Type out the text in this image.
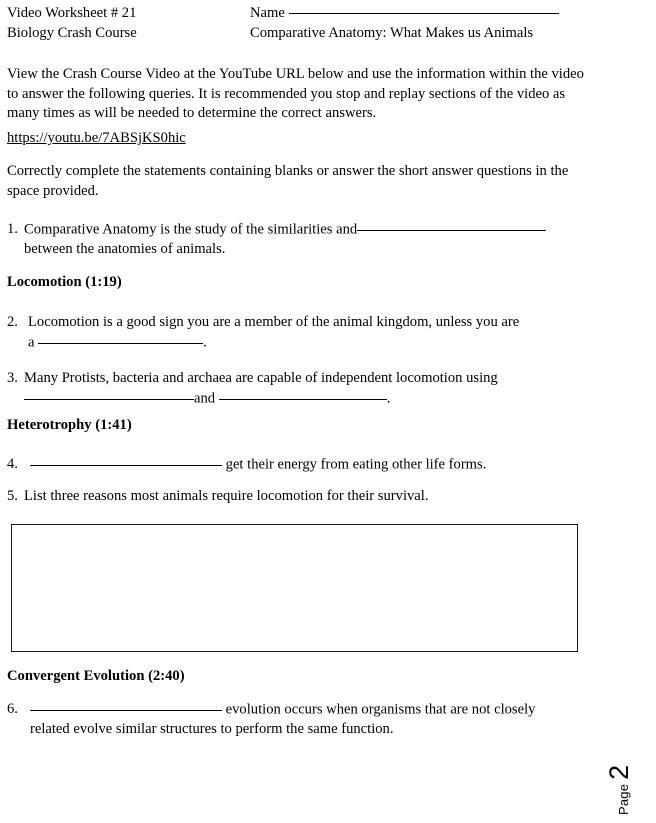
Video Worksheet # 21	Name
Biology Crash Course	Comparative Anatomy: What Makes us Animals
View the Crash Course Video at the YouTube URL below and use the information within the video to answer the following queries. It is recommended you stop and replay sections of the video as many times as will be needed to determine the correct answers.
https://youtu.be/7ABSjKS0hic
Correctly complete the statements containing blanks or answer the short answer questions in the space provided.
1. Comparative Anatomy is the study of the similarities and
between the anatomies of animals.
Locomotion (1:19)
2. Locomotion is a good sign you are a member of the animal kingdom, unless you are
a	.
3. Many Protists, bacteria and archaea are capable of independent locomotion using
and	.
Heterotrophy (1:41)
4.	get their energy from eating other life forms.
5. List three reasons most animals require locomotion for their survival.
Convergent Evolution (2:40)
6.	evolution occurs when organisms that are not closely
related evolve similar structures to perform the same function.
Page
2
